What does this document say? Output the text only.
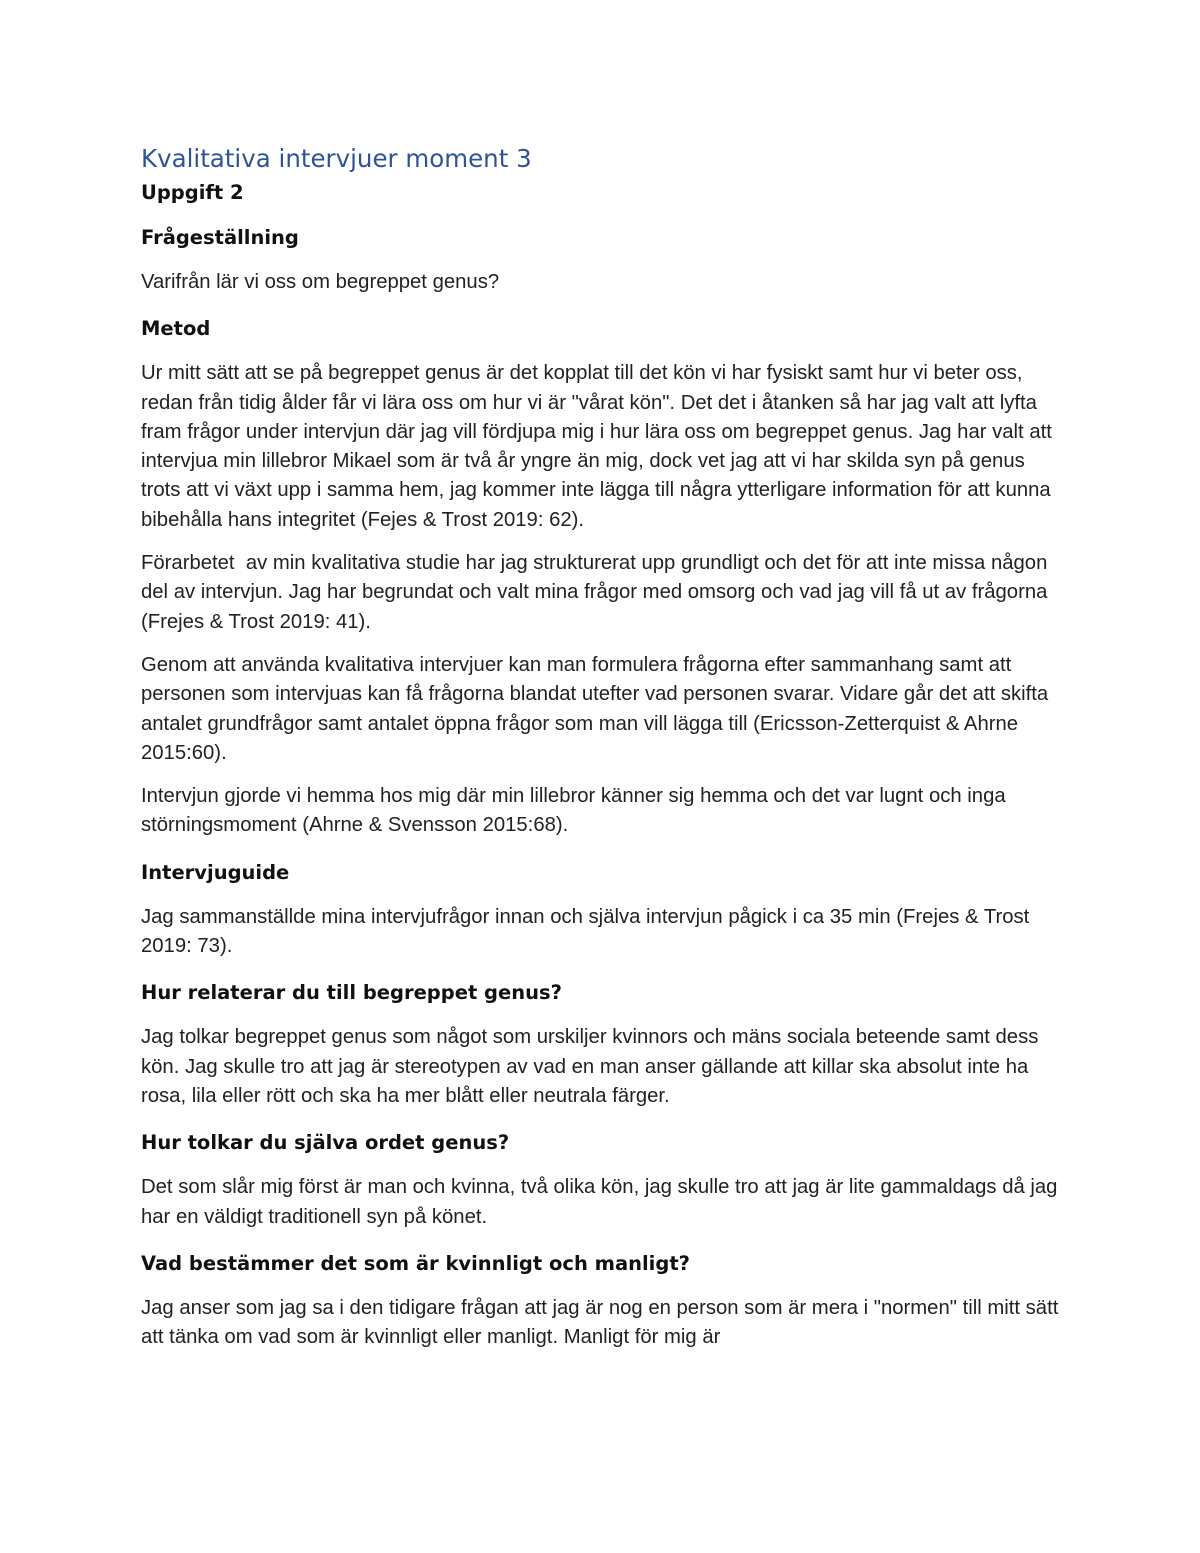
Kvalitativa intervjuer moment 3
Uppgift 2
Frågeställning

Varifrån lär vi oss om begreppet genus?

Metod

Ur mitt sätt att se på begreppet genus är det kopplat till det kön vi har fysiskt samt hur vi beter oss, redan från tidig ålder får vi lära oss om hur vi är "vårat kön". Det det i åtanken så har jag valt att lyfta fram frågor under intervjun där jag vill fördjupa mig i hur lära oss om begreppet genus. Jag har valt att intervjua min lillebror Mikael som är två år yngre än mig, dock vet jag att vi har skilda syn på genus trots att vi växt upp i samma hem, jag kommer inte lägga till några ytterligare information för att kunna bibehålla hans integritet (Fejes & Trost 2019: 62).

Förarbetet  av min kvalitativa studie har jag strukturerat upp grundligt och det för att inte missa någon del av intervjun. Jag har begrundat och valt mina frågor med omsorg och vad jag vill få ut av frågorna (Frejes & Trost 2019: 41).

Genom att använda kvalitativa intervjuer kan man formulera frågorna efter sammanhang samt att personen som intervjuas kan få frågorna blandat utefter vad personen svarar. Vidare går det att skifta antalet grundfrågor samt antalet öppna frågor som man vill lägga till (Ericsson-Zetterquist & Ahrne 2015:60).

Intervjun gjorde vi hemma hos mig där min lillebror känner sig hemma och det var lugnt och inga störningsmoment (Ahrne & Svensson 2015:68).

Intervjuguide

Jag sammanställde mina intervjufrågor innan och själva intervjun pågick i ca 35 min (Frejes & Trost 2019: 73).

Hur relaterar du till begreppet genus?

Jag tolkar begreppet genus som något som urskiljer kvinnors och mäns sociala beteende samt dess kön. Jag skulle tro att jag är stereotypen av vad en man anser gällande att killar ska absolut inte ha rosa, lila eller rött och ska ha mer blått eller neutrala färger.

Hur tolkar du själva ordet genus?

Det som slår mig först är man och kvinna, två olika kön, jag skulle tro att jag är lite gammaldags då jag har en väldigt traditionell syn på könet.

Vad bestämmer det som är kvinnligt och manligt?

Jag anser som jag sa i den tidigare frågan att jag är nog en person som är mera i "normen" till mitt sätt att tänka om vad som är kvinnligt eller manligt. Manligt för mig är
